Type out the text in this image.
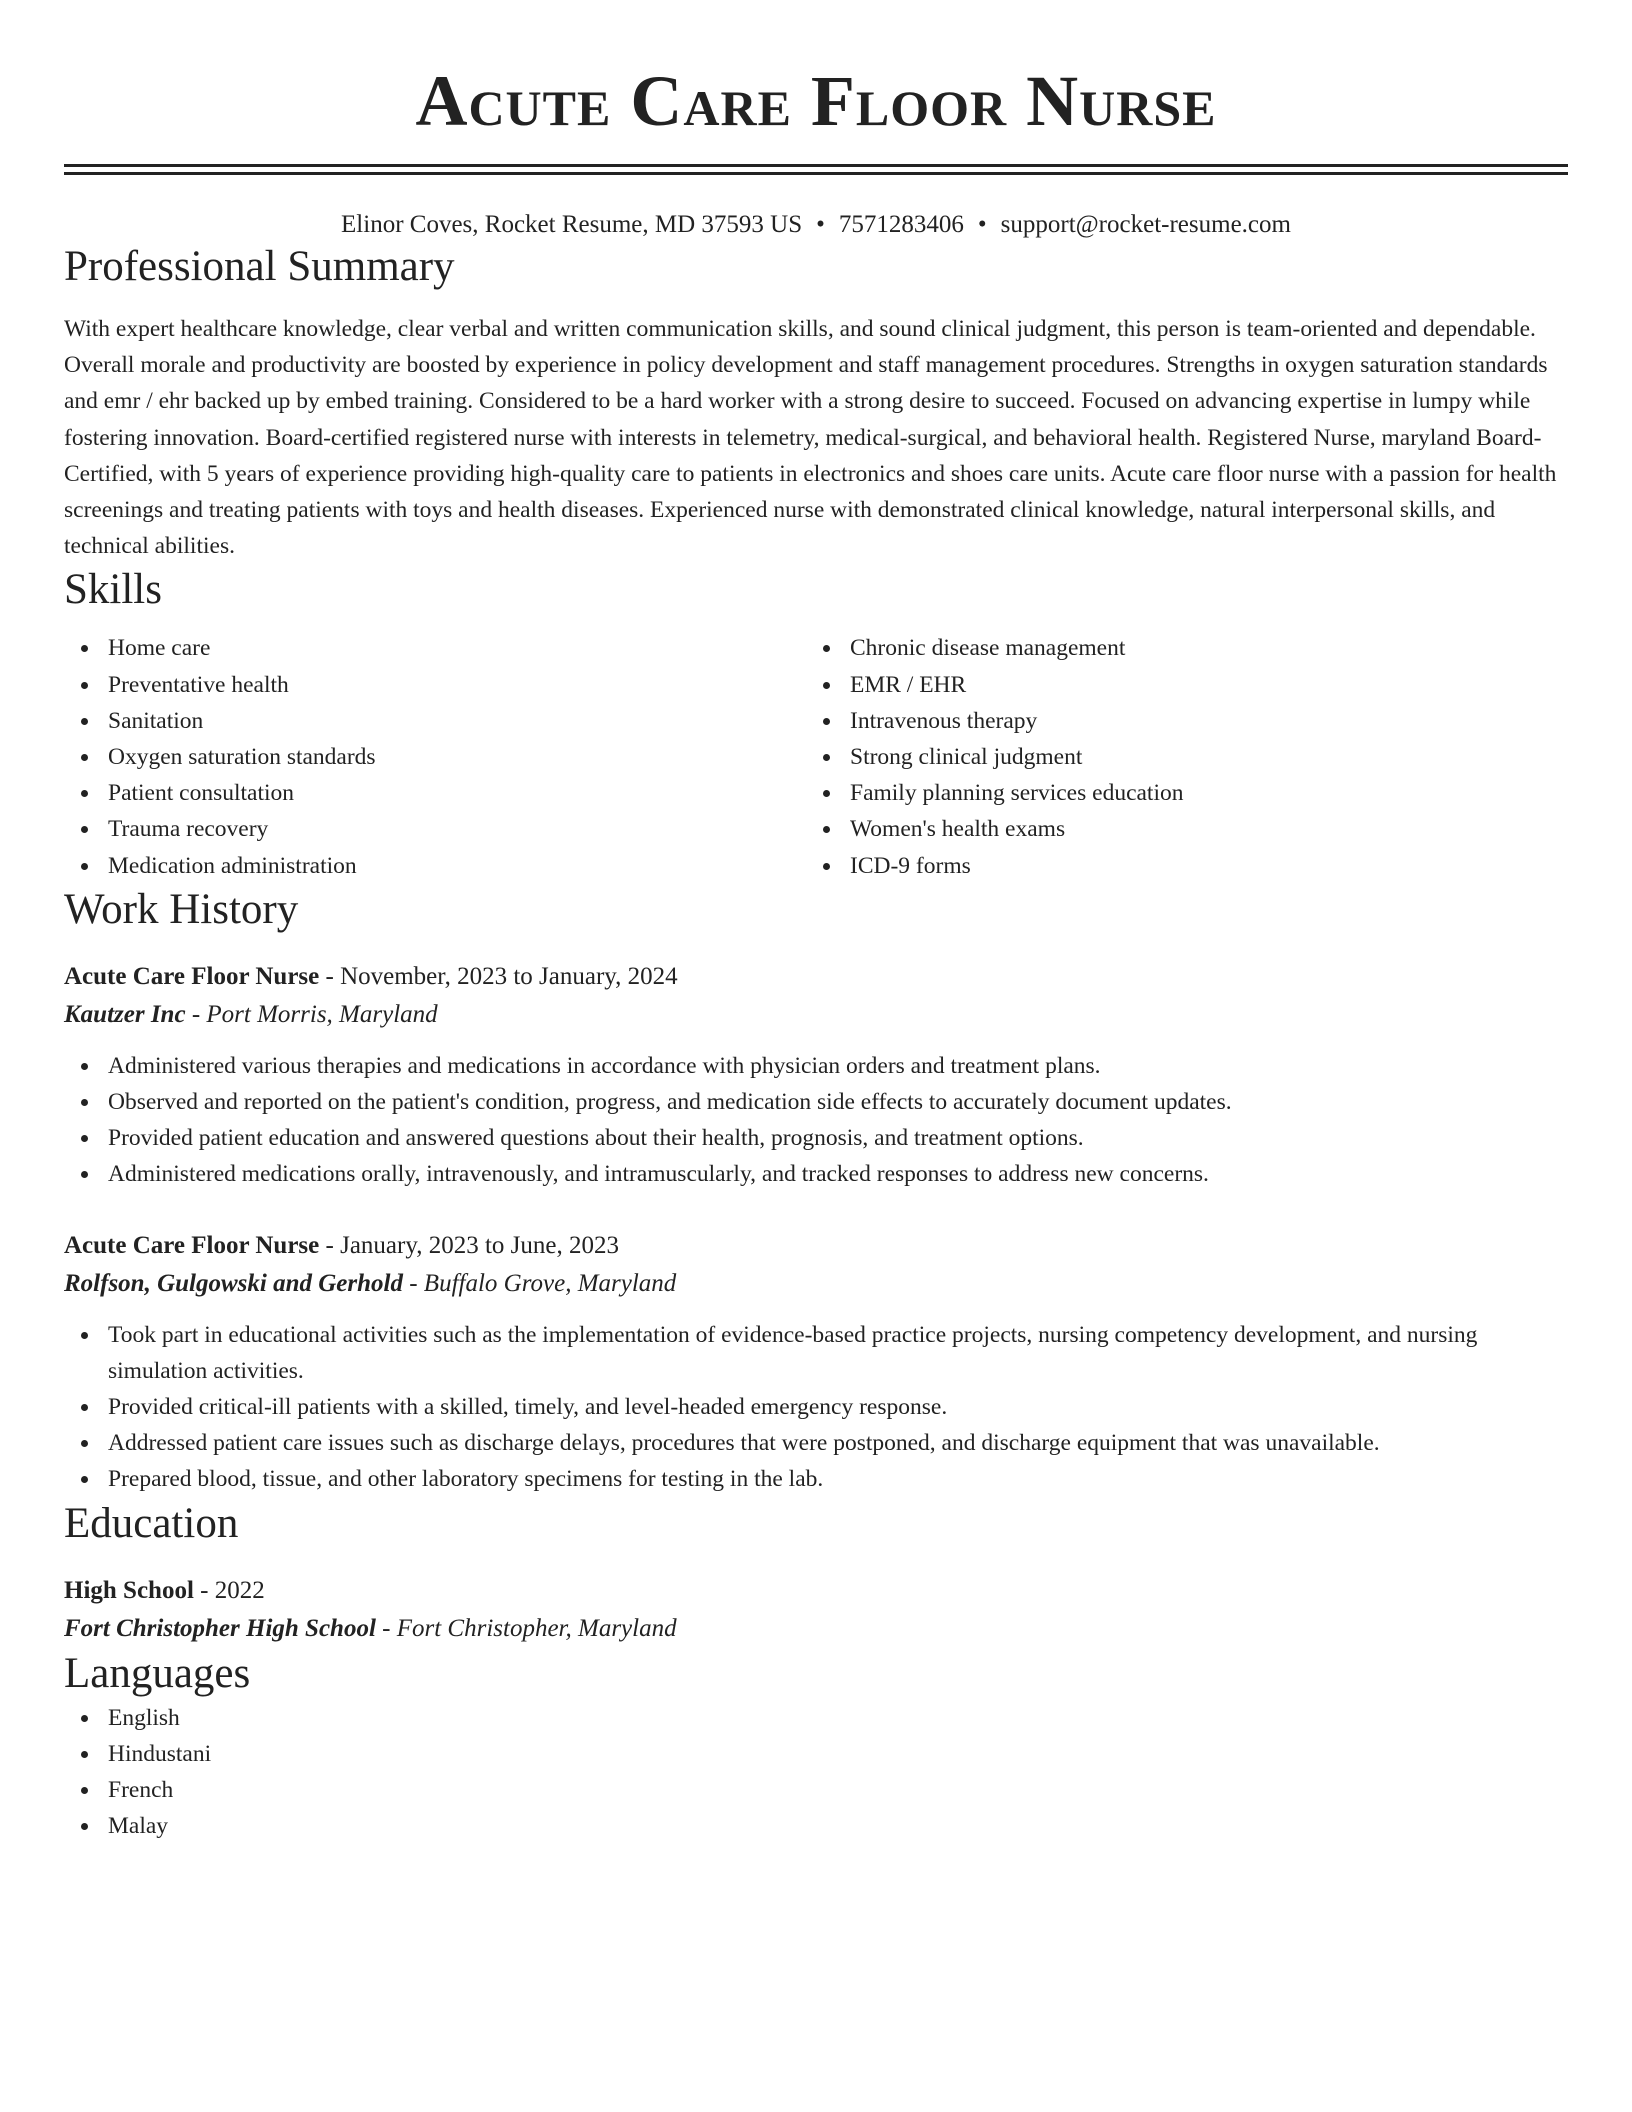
Acute Care Floor Nurse
Elinor Coves, Rocket Resume, MD 37593 US • 7571283406 • support@rocket-resume.com
Professional Summary

With expert healthcare knowledge, clear verbal and written communication skills, and sound clinical judgment, this person is team-oriented and dependable. Overall morale and productivity are boosted by experience in policy development and staff management procedures. Strengths in oxygen saturation standards and emr / ehr backed up by embed training. Considered to be a hard worker with a strong desire to succeed. Focused on advancing expertise in lumpy while fostering innovation. Board-certified registered nurse with interests in telemetry, medical-surgical, and behavioral health. Registered Nurse, maryland Board-Certified, with 5 years of experience providing high-quality care to patients in electronics and shoes care units. Acute care floor nurse with a passion for health screenings and treating patients with toys and health diseases. Experienced nurse with demonstrated clinical knowledge, natural interpersonal skills, and technical abilities.

Skills
Home care
Preventative health
Sanitation
Oxygen saturation standards
Patient consultation
Trauma recovery
Medication administration
Chronic disease management
EMR / EHR
Intravenous therapy
Strong clinical judgment
Family planning services education
Women's health exams
ICD-9 forms
Work History
Acute Care Floor Nurse - November, 2023 to January, 2024
Kautzer Inc - Port Morris, Maryland
Administered various therapies and medications in accordance with physician orders and treatment plans.
Observed and reported on the patient's condition, progress, and medication side effects to accurately document updates.
Provided patient education and answered questions about their health, prognosis, and treatment options.
Administered medications orally, intravenously, and intramuscularly, and tracked responses to address new concerns.
Acute Care Floor Nurse - January, 2023 to June, 2023
Rolfson, Gulgowski and Gerhold - Buffalo Grove, Maryland
Took part in educational activities such as the implementation of evidence-based practice projects, nursing competency development, and nursing simulation activities.
Provided critical-ill patients with a skilled, timely, and level-headed emergency response.
Addressed patient care issues such as discharge delays, procedures that were postponed, and discharge equipment that was unavailable.
Prepared blood, tissue, and other laboratory specimens for testing in the lab.
Education
High School - 2022
Fort Christopher High School - Fort Christopher, Maryland
Languages
English
Hindustani
French
Malay
